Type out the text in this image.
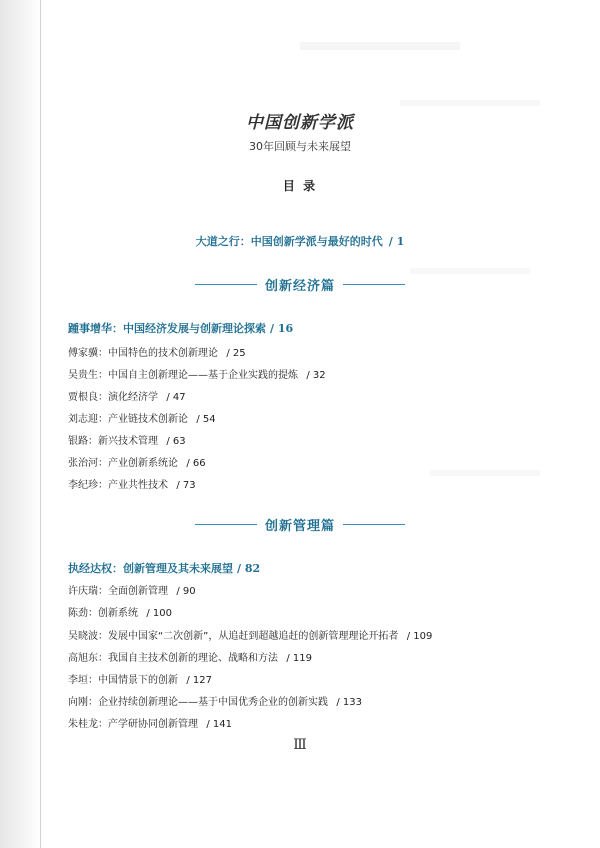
中国创新学派
30年回顾与未来展望
目 录
大道之行：中国创新学派与最好的时代 / 1
创新经济篇
踵事增华：中国经济发展与创新理论探索 / 16
傅家骥：中国特色的技术创新理论 / 25
吴贵生：中国自主创新理论——基于企业实践的提炼 / 32
贾根良：演化经济学 / 47
刘志迎：产业链技术创新论 / 54
银路：新兴技术管理 / 63
张治河：产业创新系统论 / 66
李纪珍：产业共性技术 / 73
创新管理篇
执经达权：创新管理及其未来展望 / 82
许庆瑞：全面创新管理 / 90
陈劲：创新系统 / 100
吴晓波：发展中国家“二次创新”，从追赶到超越追赶的创新管理理论开拓者 / 109
高旭东：我国自主技术创新的理论、战略和方法 / 119
李垣：中国情景下的创新 / 127
向刚：企业持续创新理论——基于中国优秀企业的创新实践 / 133
朱桂龙：产学研协同创新管理 / 141
Ⅲ
